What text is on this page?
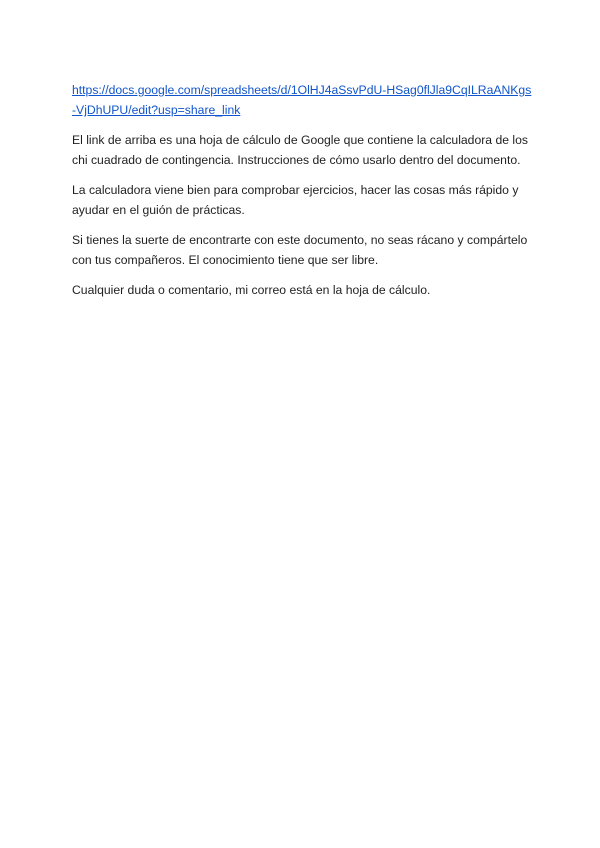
https://docs.google.com/spreadsheets/d/1OlHJ4aSsvPdU-HSag0flJla9CqILRaANKgs-VjDhUPU/edit?usp=share_link

El link de arriba es una hoja de cálculo de Google que contiene la calculadora de los chi cuadrado de contingencia. Instrucciones de cómo usarlo dentro del documento.

La calculadora viene bien para comprobar ejercicios, hacer las cosas más rápido y ayudar en el guión de prácticas.

Si tienes la suerte de encontrarte con este documento, no seas rácano y compártelo con tus compañeros. El conocimiento tiene que ser libre.

Cualquier duda o comentario, mi correo está en la hoja de cálculo.
